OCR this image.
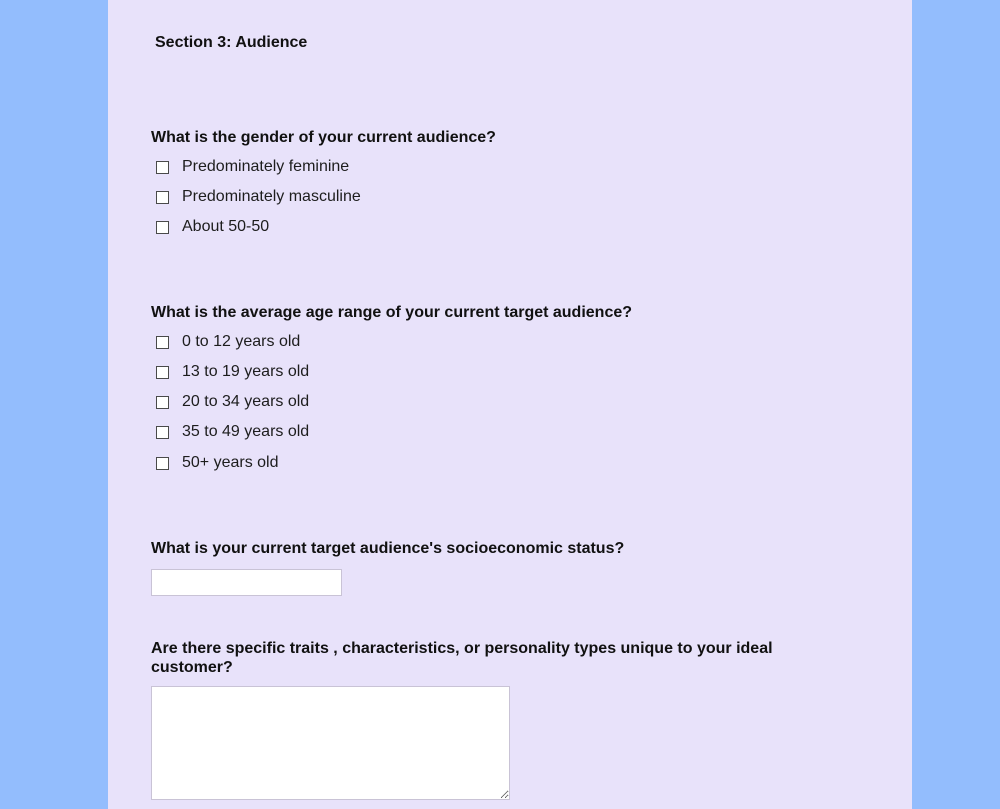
Section 3: Audience
What is the gender of your current audience?
Predominately feminine
Predominately masculine
About 50-50
What is the average age range of your current target audience?
0 to 12 years old
13 to 19 years old
20 to 34 years old
35 to 49 years old
50+ years old
What is your current target audience's socioeconomic status?
Are there specific traits , characteristics, or personality types unique to your ideal customer?
